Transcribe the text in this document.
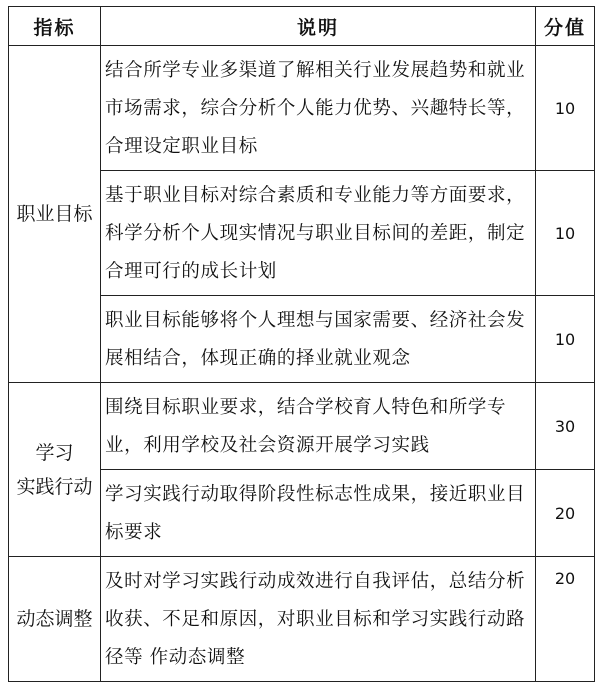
指标	说明	分值
职业目标	结合所学专业多渠道了解相关行业发展趋势和就业市场需求，综合分析个人能力优势、兴趣特长等，合理设定职业目标	10
	基于职业目标对综合素质和专业能力等方面要求，科学分析个人现实情况与职业目标间的差距，制定合理可行的成长计划	10
	职业目标能够将个人理想与国家需要、经济社会发展相结合，体现正确的择业就业观念	10
学习
实践行动	围绕目标职业要求，结合学校育人特色和所学专业，利用学校及社会资源开展学习实践	30
	学习实践行动取得阶段性标志性成果，接近职业目标要求	20
动态调整	及时对学习实践行动成效进行自我评估，总结分析收获、不足和原因，对职业目标和学习实践行动路径等 作动态调整	20
